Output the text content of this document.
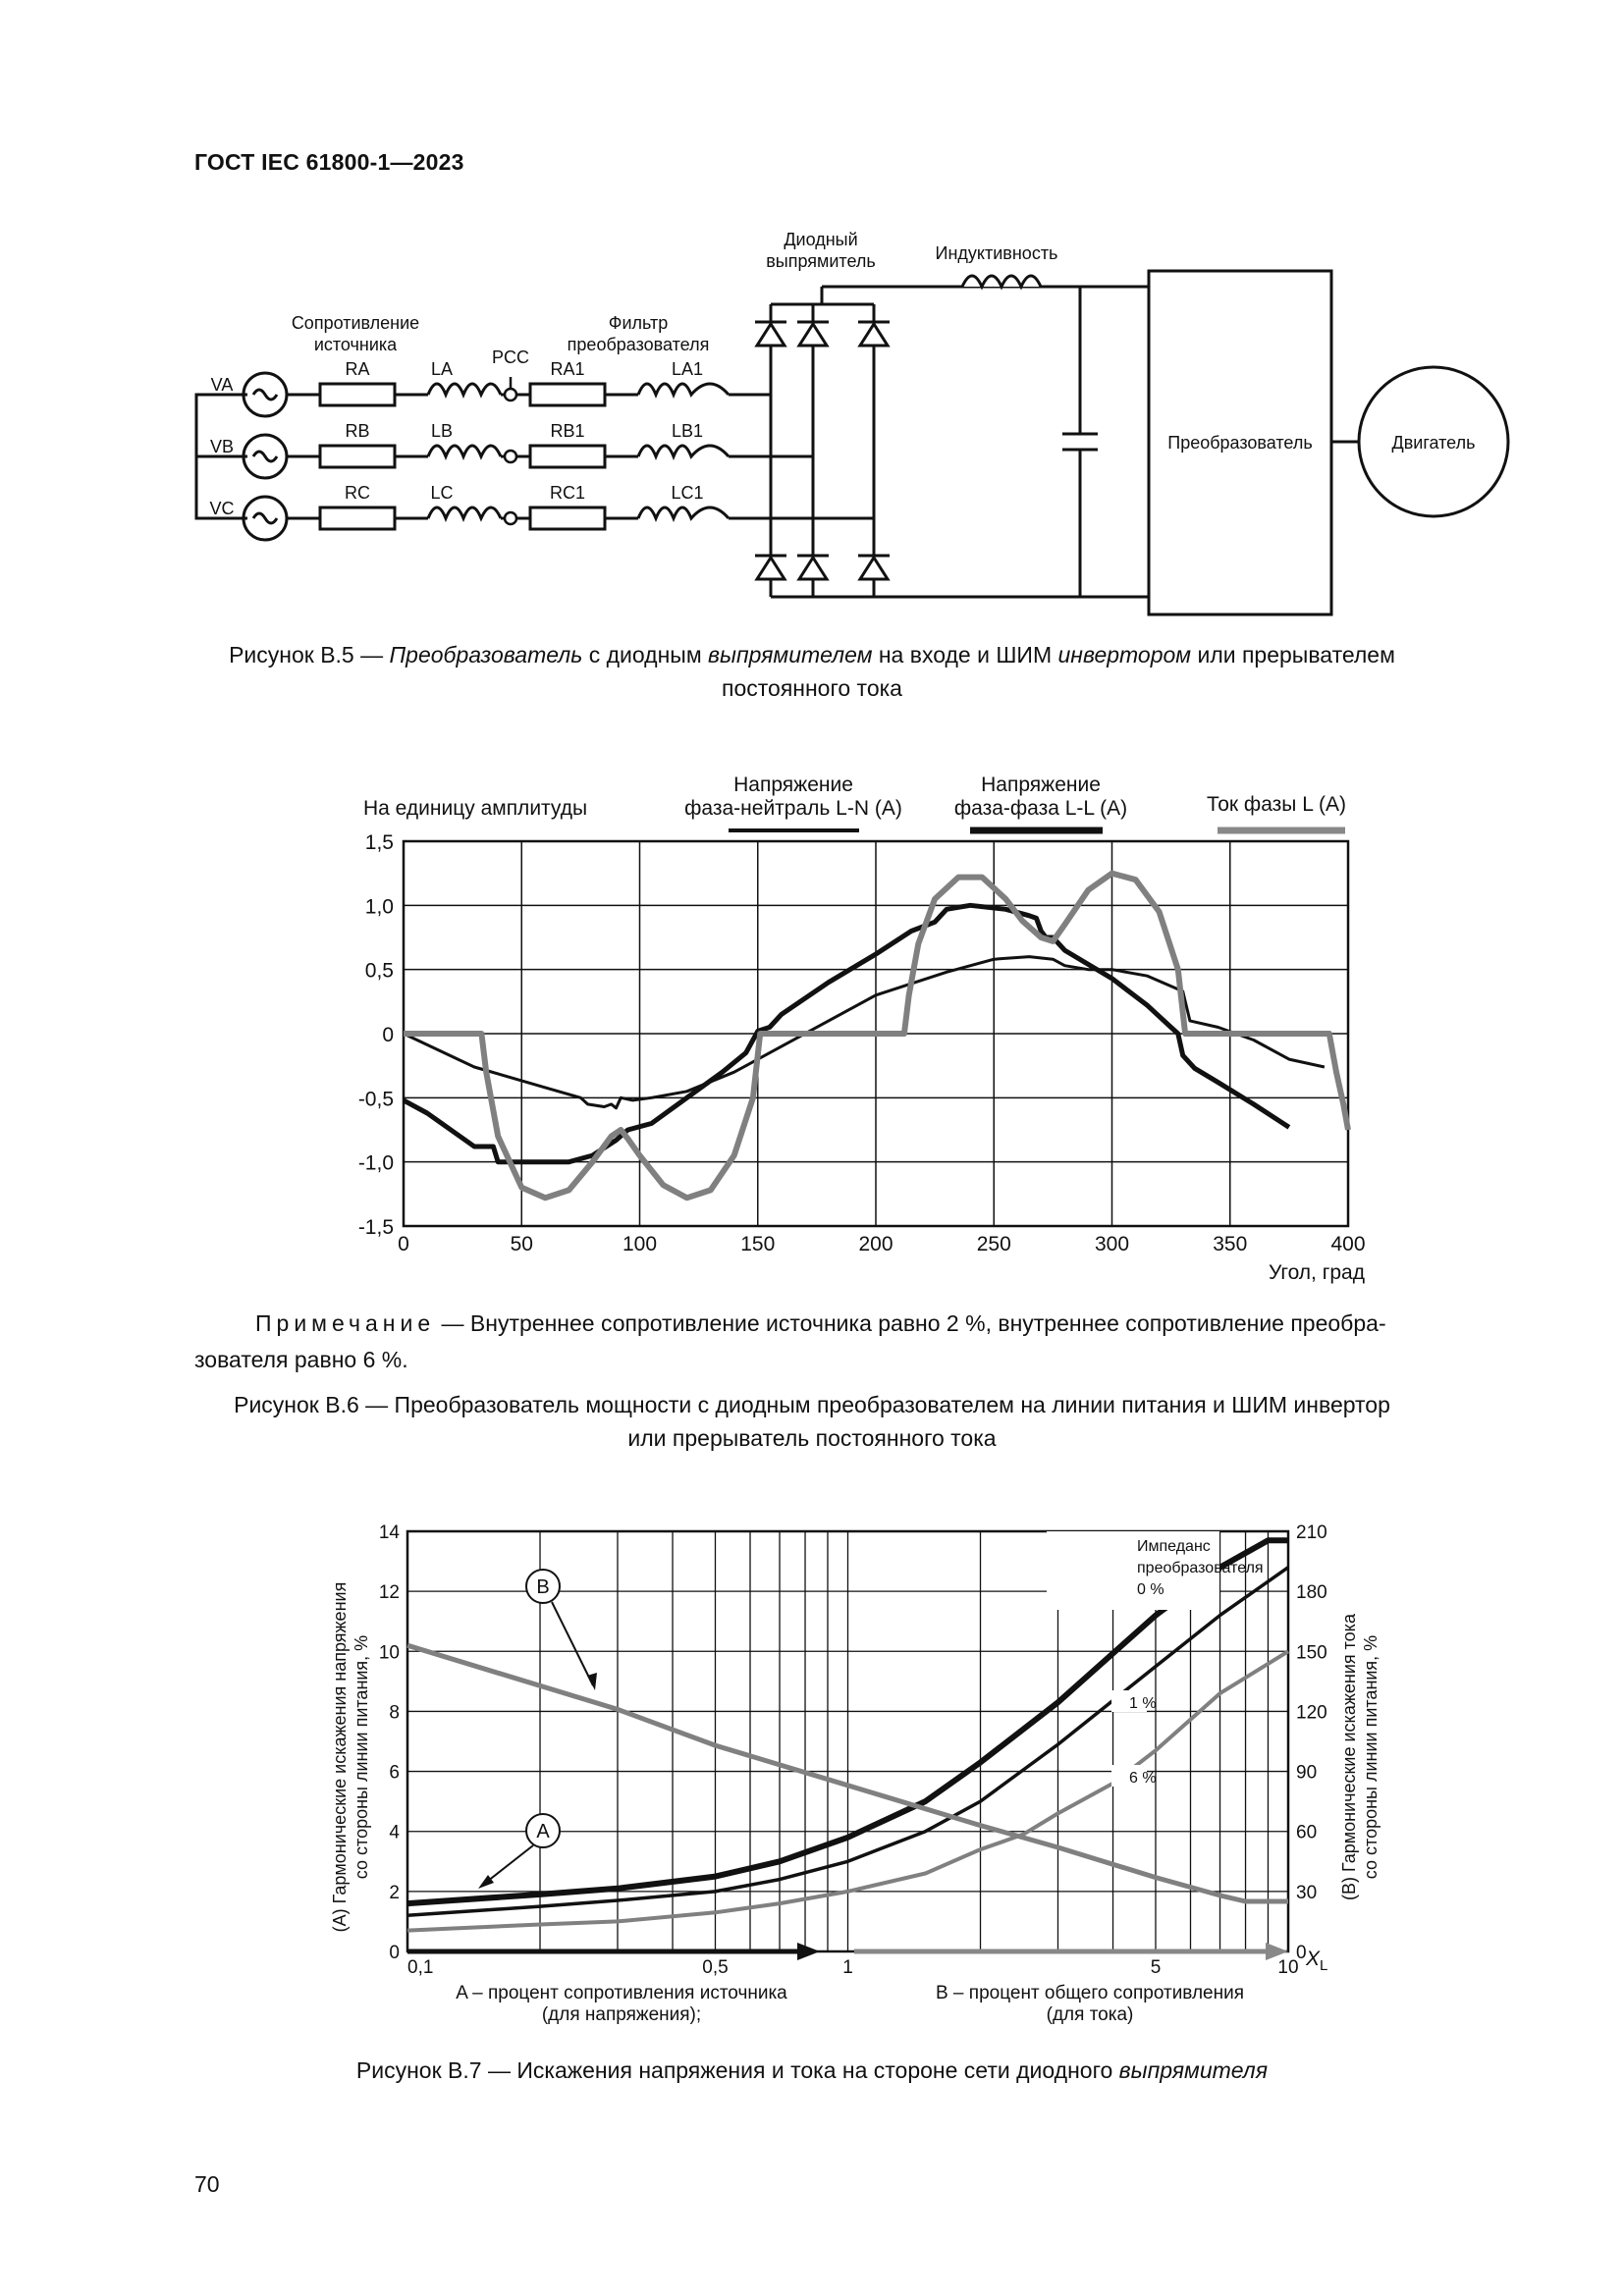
ГОСТ IEC 61800-1—2023
VA
RA	LA	RA1	LA1
VB
RB	LB	RB1	LB1
VC
RC	LC	RC1	LC1
Сопротивление
источника
Фильтр
преобразователя
Диодный
выпрямитель	Индуктивность
PCC
Преобразователь	Двигатель
Рисунок В.5 — Преобразователь с диодным выпрямителем на входе и ШИМ инвертором или прерывателем
постоянного тока
На единицу амплитуды
Напряжение
фаза-нейтраль L-N (A)
Напряжение
фаза-фаза L-L (A)	Ток фазы L (A)
Угол, град
0	50	100	150	200	250	300	350	400
-1,5
-1,0
-0,5
0
0,5
1,0
1,5
Примечание — Внутреннее сопротивление источника равно 2 %, внутреннее сопротивление преобра-
зователя равно 6 %.
Рисунок В.6 — Преобразователь мощности с диодным преобразователем на линии питания и ШИМ инвертор
или прерыватель постоянного тока
0
2
4
6
8
10
12
14
0
30
60
90
120
150
180
210
0,1	0,5	1	5	10
B
A
$X_L$
A – процент сопротивления источника
(для напряжения);
B – процент общего сопротивления
(для тока)
(A) Гармонические искажения напряжения со стороны линии питания, %	(B) Гармонические искажения тока со стороны линии питания, %
Импеданс
преобразователя
0 %
1 %
6 %
Рисунок В.7 — Искажения напряжения и тока на стороне сети диодного выпрямителя
70
